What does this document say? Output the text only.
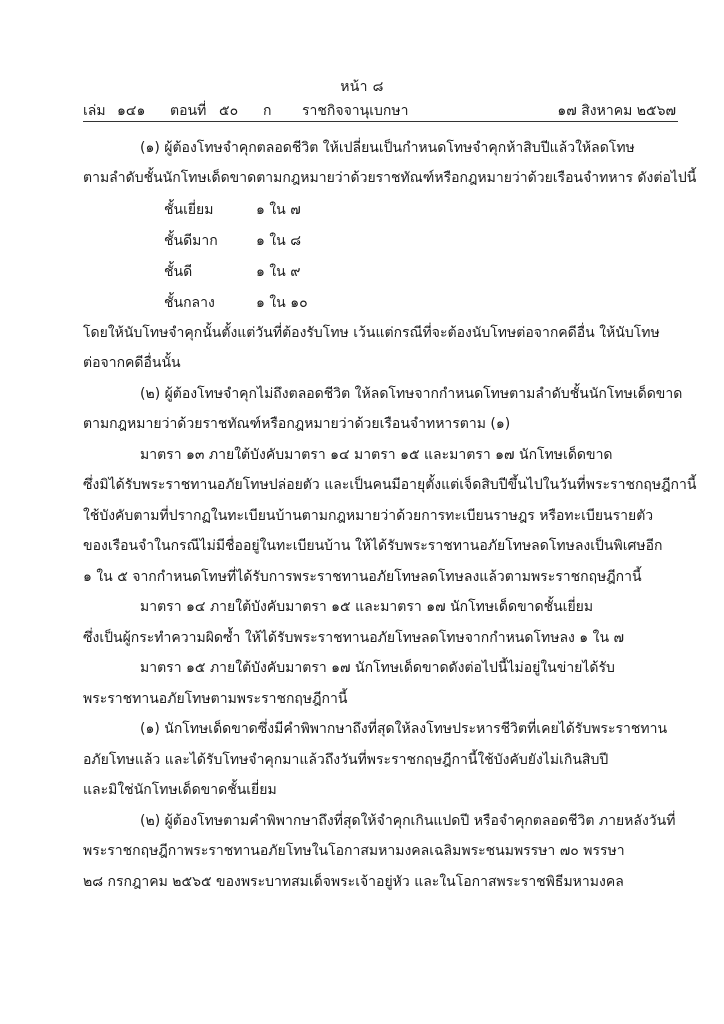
หน้า ๘
เล่ม ๑๔๑ ตอนที่ ๕๐ ก ราชกิจจานุเบกษา	๑๗ สิงหาคม ๒๕๖๗
(๑) ผู้ต้องโทษจำคุกตลอดชีวิต ให้เปลี่ยนเป็นกำหนดโทษจำคุกห้าสิบปีแล้วให้ลดโทษ
ตามลำดับชั้นนักโทษเด็ดขาดตามกฎหมายว่าด้วยราชทัณฑ์หรือกฎหมายว่าด้วยเรือนจำทหาร ดังต่อไปนี้
ชั้นเยี่ยม	๑ ใน ๗
ชั้นดีมาก	๑ ใน ๘
ชั้นดี	๑ ใน ๙
ชั้นกลาง	๑ ใน ๑๐
โดยให้นับโทษจำคุกนั้นตั้งแต่วันที่ต้องรับโทษ เว้นแต่กรณีที่จะต้องนับโทษต่อจากคดีอื่น ให้นับโทษ
ต่อจากคดีอื่นนั้น
(๒) ผู้ต้องโทษจำคุกไม่ถึงตลอดชีวิต ให้ลดโทษจากกำหนดโทษตามลำดับชั้นนักโทษเด็ดขาด
ตามกฎหมายว่าด้วยราชทัณฑ์หรือกฎหมายว่าด้วยเรือนจำทหารตาม (๑)
มาตรา ๑๓ ภายใต้บังคับมาตรา ๑๔ มาตรา ๑๕ และมาตรา ๑๗ นักโทษเด็ดขาด
ซึ่งมิได้รับพระราชทานอภัยโทษปล่อยตัว และเป็นคนมีอายุตั้งแต่เจ็ดสิบปีขึ้นไปในวันที่พระราชกฤษฎีกานี้
ใช้บังคับตามที่ปรากฏในทะเบียนบ้านตามกฎหมายว่าด้วยการทะเบียนราษฎร หรือทะเบียนรายตัว
ของเรือนจำในกรณีไม่มีชื่ออยู่ในทะเบียนบ้าน ให้ได้รับพระราชทานอภัยโทษลดโทษลงเป็นพิเศษอีก
๑ ใน ๕ จากกำหนดโทษที่ได้รับการพระราชทานอภัยโทษลดโทษลงแล้วตามพระราชกฤษฎีกานี้
มาตรา ๑๔ ภายใต้บังคับมาตรา ๑๕ และมาตรา ๑๗ นักโทษเด็ดขาดชั้นเยี่ยม
ซึ่งเป็นผู้กระทำความผิดซ้ำ ให้ได้รับพระราชทานอภัยโทษลดโทษจากกำหนดโทษลง ๑ ใน ๗
มาตรา ๑๕ ภายใต้บังคับมาตรา ๑๗ นักโทษเด็ดขาดดังต่อไปนี้ไม่อยู่ในข่ายได้รับ
พระราชทานอภัยโทษตามพระราชกฤษฎีกานี้
(๑) นักโทษเด็ดขาดซึ่งมีคำพิพากษาถึงที่สุดให้ลงโทษประหารชีวิตที่เคยได้รับพระราชทาน
อภัยโทษแล้ว และได้รับโทษจำคุกมาแล้วถึงวันที่พระราชกฤษฎีกานี้ใช้บังคับยังไม่เกินสิบปี
และมิใช่นักโทษเด็ดขาดชั้นเยี่ยม
(๒) ผู้ต้องโทษตามคำพิพากษาถึงที่สุดให้จำคุกเกินแปดปี หรือจำคุกตลอดชีวิต ภายหลังวันที่
พระราชกฤษฎีกาพระราชทานอภัยโทษในโอกาสมหามงคลเฉลิมพระชนมพรรษา ๗๐ พรรษา
๒๘ กรกฎาคม ๒๕๖๕ ของพระบาทสมเด็จพระเจ้าอยู่หัว และในโอกาสพระราชพิธีมหามงคล
